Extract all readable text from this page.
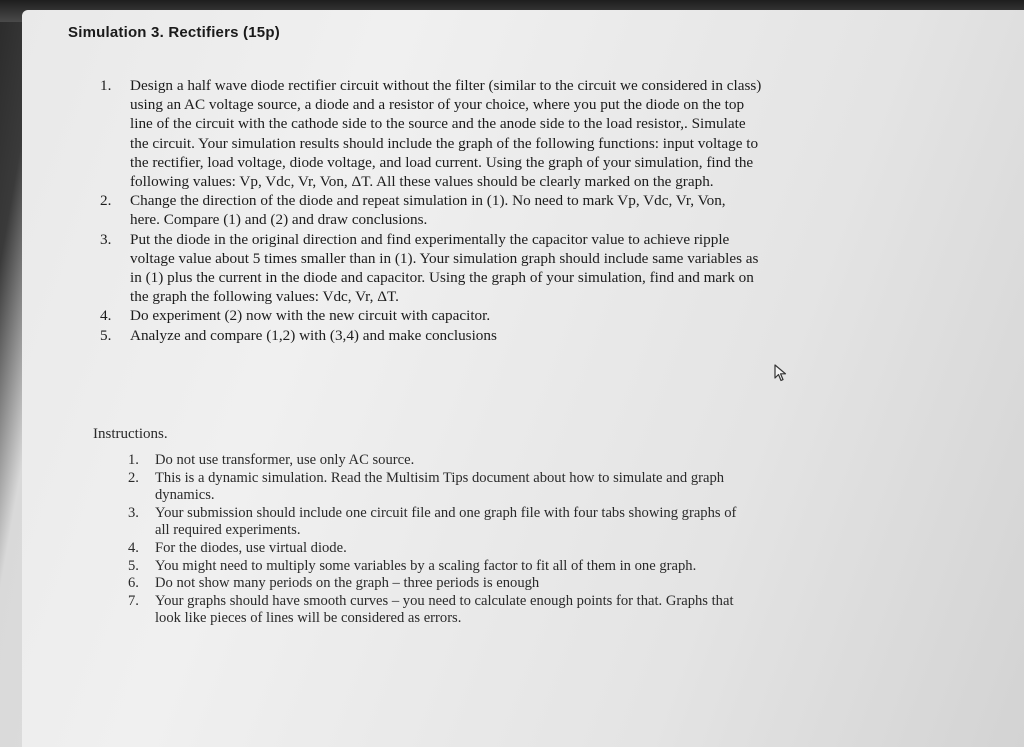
Simulation 3. Rectifiers (15p)
1. Design a half wave diode rectifier circuit without the filter (similar to the circuit we considered in class)
using an AC voltage source, a diode and a resistor of your choice, where you put the diode on the top
line of the circuit with the cathode side to the source and the anode side to the load resistor,. Simulate
the circuit. Your simulation results should include the graph of the following functions: input voltage to
the rectifier, load voltage, diode voltage, and load current. Using the graph of your simulation, find the
following values: Vp, Vdc, Vr, Von, ΔT. All these values should be clearly marked on the graph.
2. Change the direction of the diode and repeat simulation in (1). No need to mark Vp, Vdc, Vr, Von,
here. Compare (1) and (2) and draw conclusions.
3. Put the diode in the original direction and find experimentally the capacitor value to achieve ripple
voltage value about 5 times smaller than in (1). Your simulation graph should include same variables as
in (1) plus the current in the diode and capacitor. Using the graph of your simulation, find and mark on
the graph the following values: Vdc, Vr, ΔT.
4. Do experiment (2) now with the new circuit with capacitor.
5. Analyze and compare (1,2) with (3,4) and make conclusions
Instructions.
1. Do not use transformer, use only AC source.
2. This is a dynamic simulation. Read the Multisim Tips document about how to simulate and graph
dynamics.
3. Your submission should include one circuit file and one graph file with four tabs showing graphs of
all required experiments.
4. For the diodes, use virtual diode.
5. You might need to multiply some variables by a scaling factor to fit all of them in one graph.
6. Do not show many periods on the graph – three periods is enough
7. Your graphs should have smooth curves – you need to calculate enough points for that. Graphs that
look like pieces of lines will be considered as errors.
